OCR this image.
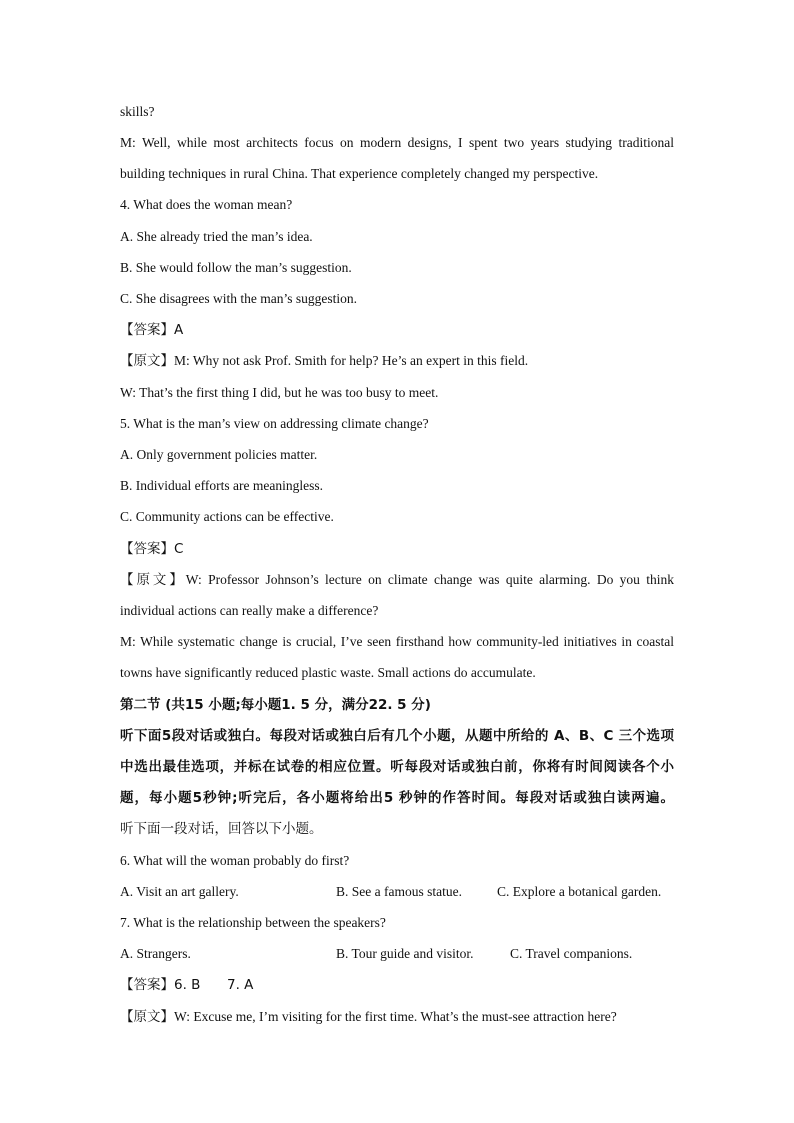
skills?
M: Well, while most architects focus on modern designs, I spent two years studying traditional
building techniques in rural China. That experience completely changed my perspective.
4. What does the woman mean?
A. She already tried the man’s idea.
B. She would follow the man’s suggestion.
C. She disagrees with the man’s suggestion.
【答案】A
【原文】M: Why not ask Prof. Smith for help? He’s an expert in this field.
W: That’s the first thing I did, but he was too busy to meet.
5. What is the man’s view on addressing climate change?
A. Only government policies matter.
B. Individual efforts are meaningless.
C. Community actions can be effective.
【答案】C
【原文】W: Professor Johnson’s lecture on climate change was quite alarming. Do you think
individual actions can really make a difference?
M: While systematic change is crucial, I’ve seen firsthand how community-led initiatives in coastal
towns have significantly reduced plastic waste. Small actions do accumulate.
第二节 (共15 小题;每小题1. 5 分，满分22. 5 分)
听下面5段对话或独白。每段对话或独白后有几个小题，从题中所给的 A、B、C 三个选项
中选出最佳选项，并标在试卷的相应位置。听每段对话或独白前，你将有时间阅读各个小
题，每小题5秒钟;听完后，各小题将给出5 秒钟的作答时间。每段对话或独白读两遍。
听下面一段对话，回答以下小题。
6. What will the woman probably do first?
A. Visit an art gallery.	B. See a famous statue.	C. Explore a botanical garden.
7. What is the relationship between the speakers?
A. Strangers.	B. Tour guide and visitor.	C. Travel companions.
【答案】6. B 7. A
【原文】W: Excuse me, I’m visiting for the first time. What’s the must-see attraction here?
